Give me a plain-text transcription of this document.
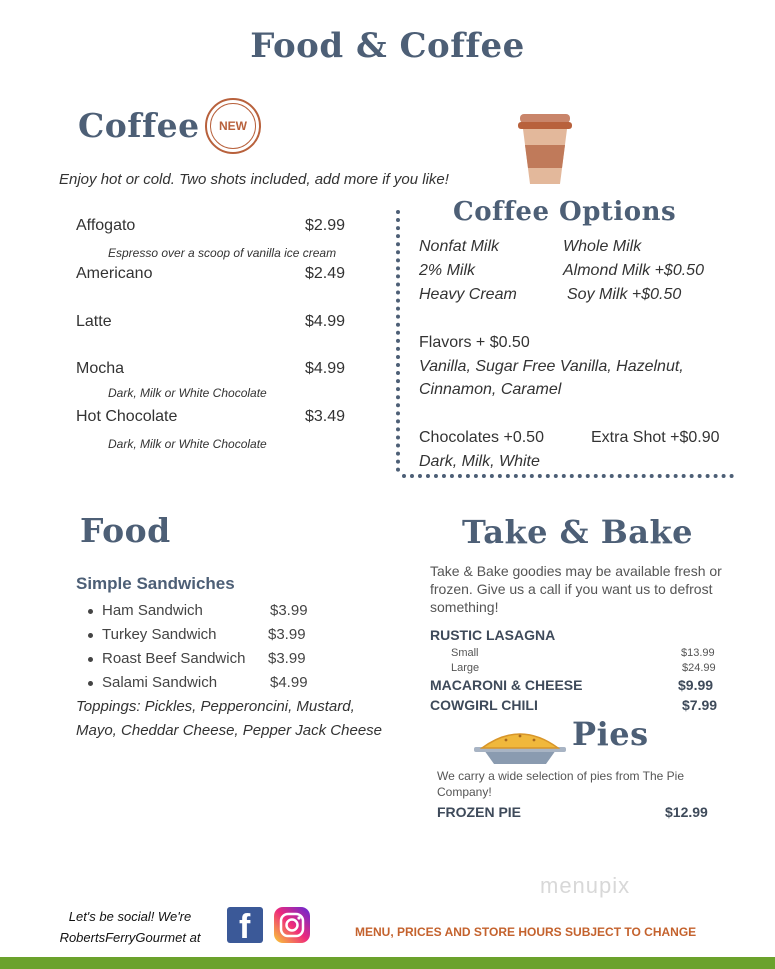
Food & Coffee
Coffee	NEW
Enjoy hot or cold. Two shots included, add more if you like!
Affogato	$2.99
Espresso over a scoop of vanilla ice cream
Americano	$2.49
Latte	$4.99
Mocha	$4.99
Dark, Milk or White Chocolate
Hot Chocolate	$3.49
Dark, Milk or White Chocolate
Coffee Options
Nonfat Milk	Whole Milk
2% Milk	Almond Milk +$0.50
Heavy Cream	Soy Milk +$0.50
Flavors + $0.50
Vanilla, Sugar Free Vanilla, Hazelnut,
Cinnamon, Caramel
Chocolates +0.50	Extra Shot +$0.90
Dark, Milk, White
Food
Simple Sandwiches
Ham Sandwich	$3.99
Turkey Sandwich	$3.99
Roast Beef Sandwich $3.99
Salami Sandwich	$4.99
Toppings: Pickles, Pepperoncini, Mustard, Mayo, Cheddar Cheese, Pepper Jack Cheese
Take & Bake
Take & Bake goodies may be available fresh or frozen. Give us a call if you want us to defrost something!
RUSTIC LASAGNA
Small	$13.99
Large	$24.99
MACARONI & CHEESE	$9.99
COWGIRL CHILI	$7.99
Pies
We carry a wide selection of pies from The Pie Company!
FROZEN PIE	$12.99
menupix
Let's be social! We're
RobertsFerryGourmet at	f	MENU, PRICES AND STORE HOURS SUBJECT TO CHANGE
